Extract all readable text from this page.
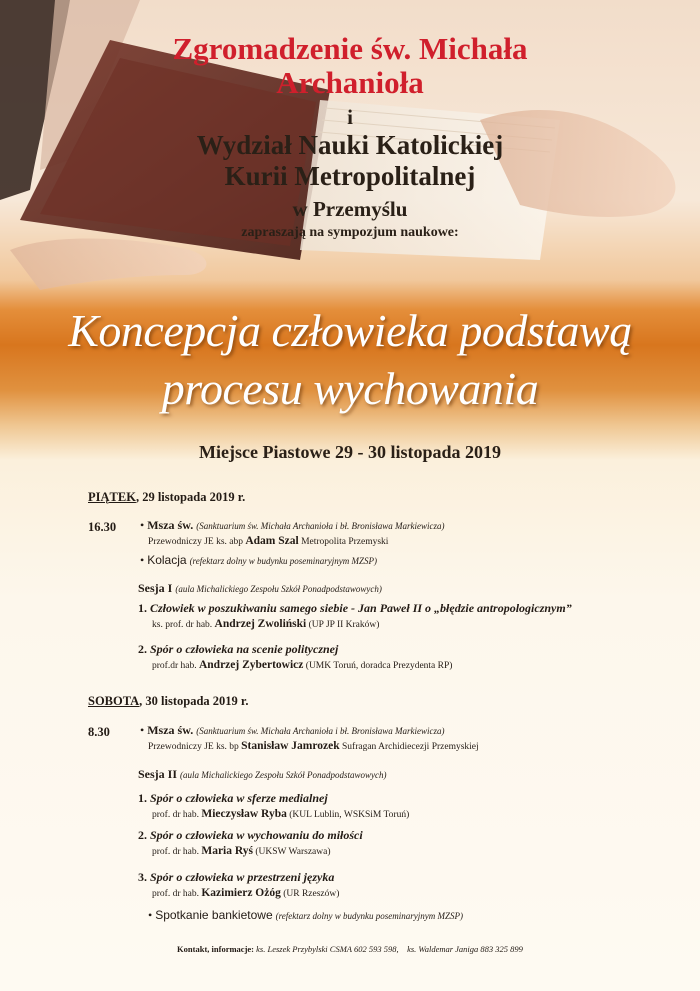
Zgromadzenie św. Michała

Archanioła

i

Wydział Nauki Katolickiej

Kurii Metropolitalnej

w Przemyślu

zapraszają na sympozjum naukowe:

Koncepcja człowieka podstawą
procesu wychowania
Miejsce Piastowe 29 - 30 listopada 2019
PIĄTEK, 29 listopada 2019 r.
16.30 • Msza św. (Sanktuarium św. Michała Archanioła i bł. Bronisława Markiewicza)
Przewodniczy JE ks. abp Adam Szal Metropolita Przemyski
• Kolacja (refektarz dolny w budynku poseminaryjnym MZSP)
Sesja I (aula Michalickiego Zespołu Szkół Ponadpodstawowych)
1. Człowiek w poszukiwaniu samego siebie - Jan Paweł II o „błędzie antropologicznym”
ks. prof. dr hab. Andrzej Zwoliński (UP JP II Kraków)
2. Spór o człowieka na scenie politycznej
prof.dr hab. Andrzej Zybertowicz (UMK Toruń, doradca Prezydenta RP)
SOBOTA, 30 listopada 2019 r.
8.30	• Msza św. (Sanktuarium św. Michała Archanioła i bł. Bronisława Markiewicza)
Przewodniczy JE ks. bp Stanisław Jamrozek Sufragan Archidiecezji Przemyskiej
Sesja II (aula Michalickiego Zespołu Szkół Ponadpodstawowych)
1. Spór o człowieka w sferze medialnej
prof. dr hab. Mieczysław Ryba (KUL Lublin, WSKSiM Toruń)
2. Spór o człowieka w wychowaniu do miłości
prof. dr hab. Maria Ryś (UKSW Warszawa)
3. Spór o człowieka w przestrzeni języka
prof. dr hab. Kazimierz Ożóg (UR Rzeszów)
• Spotkanie bankietowe (refektarz dolny w budynku poseminaryjnym MZSP)
Kontakt, informacje: ks. Leszek Przybylski CSMA 602 593 598, ks. Waldemar Janiga 883 325 899
